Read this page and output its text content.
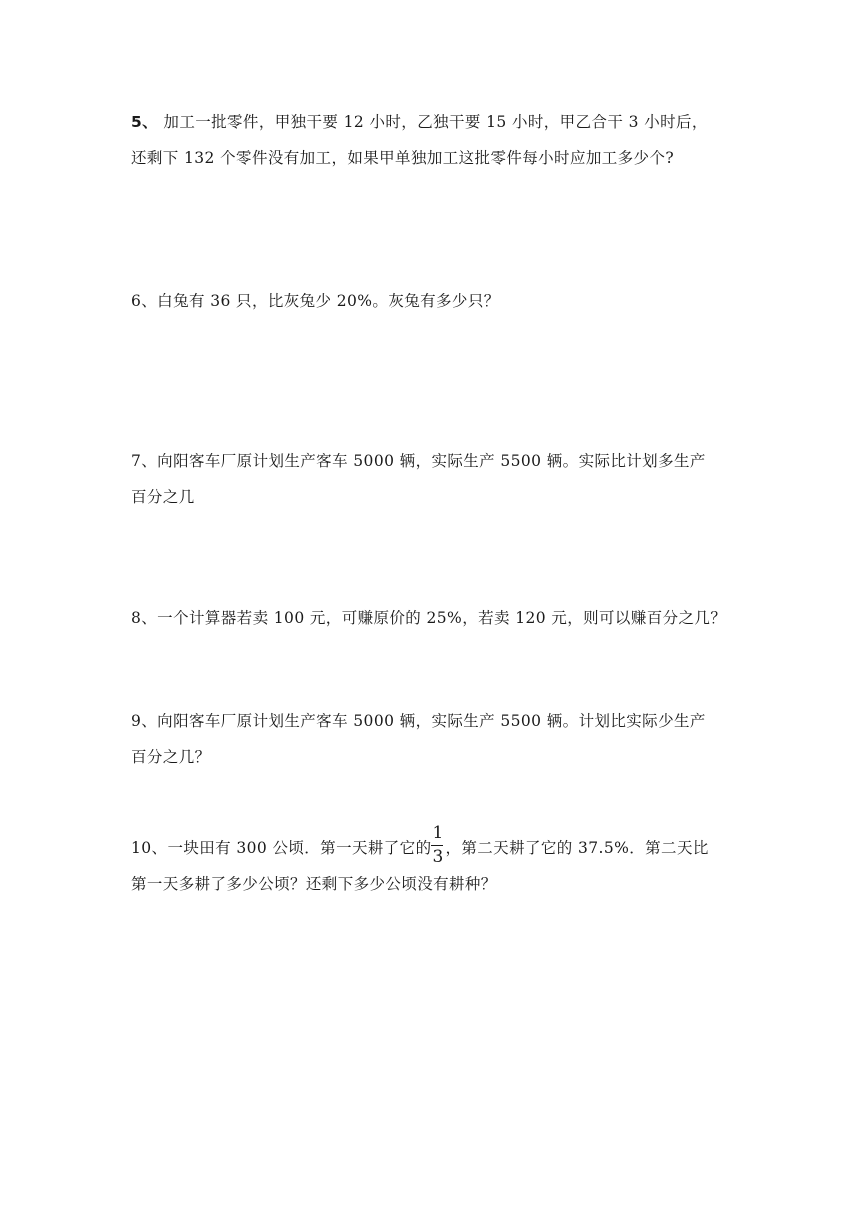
5、 加工一批零件，甲独干要 12 小时，乙独干要 15 小时，甲乙合干 3 小时后，
还剩下 132 个零件没有加工，如果甲单独加工这批零件每小时应加工多少个?
6、白兔有 36 只，比灰兔少 20%。灰兔有多少只？
7、向阳客车厂原计划生产客车 5000 辆，实际生产 5500 辆。实际比计划多生产
百分之几
8、一个计算器若卖 100 元，可赚原价的 25%，若卖 120 元，则可以赚百分之几？
9、向阳客车厂原计划生产客车 5000 辆，实际生产 5500 辆。计划比实际少生产
百分之几？
10、一块田有 300 公顷．第一天耕了它的
$\frac{1}{3}$
，第二天耕了它的 37.5%．第二天比
第一天多耕了多少公顷？还剩下多少公顷没有耕种？
